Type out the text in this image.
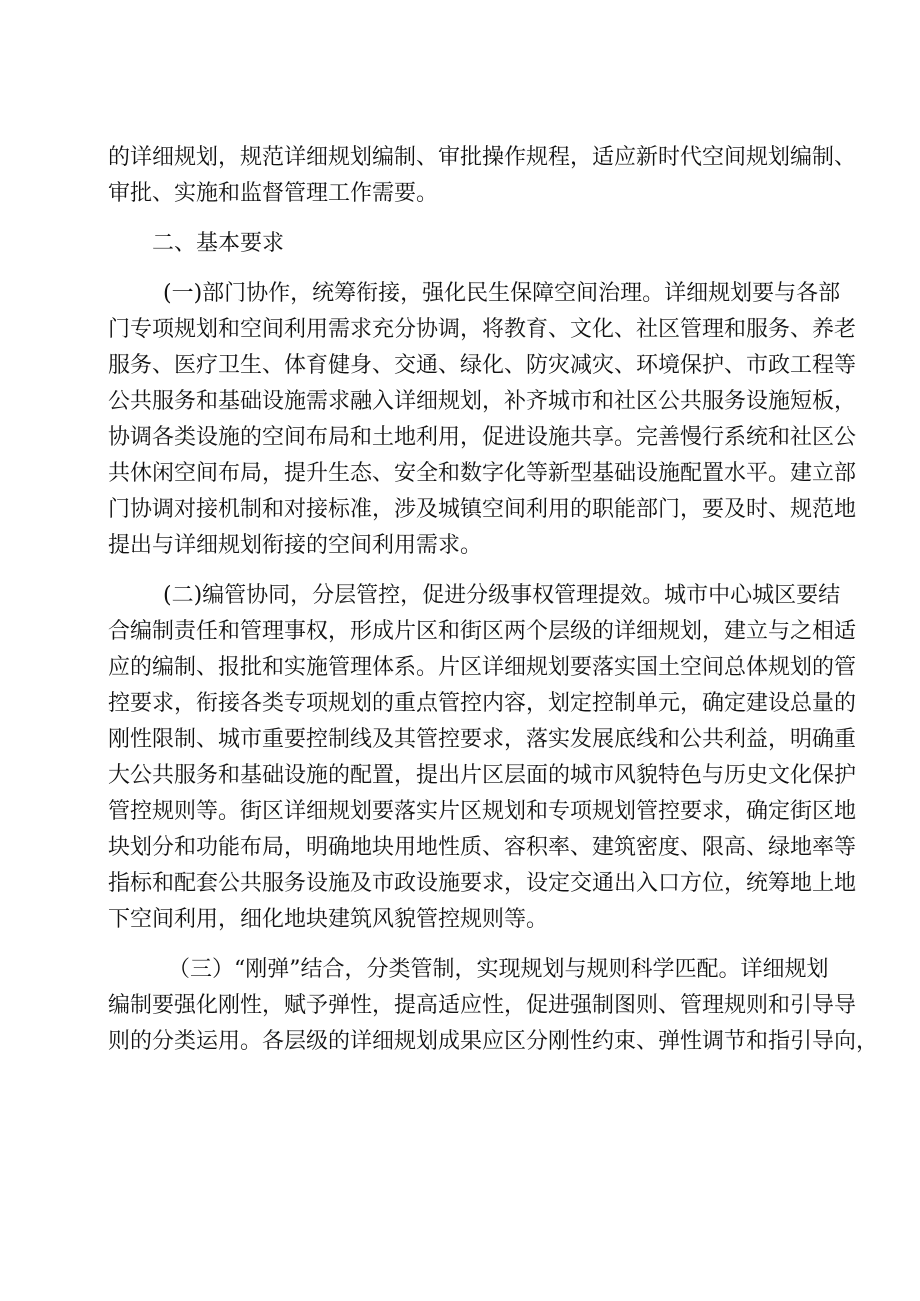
的详细规划，规范详细规划编制、审批操作规程，适应新时代空间规划编制、
审批、实施和监督管理工作需要。
二、基本要求
(一)部门协作，统筹衔接，强化民生保障空间治理。详细规划要与各部
门专项规划和空间利用需求充分协调，将教育、文化、社区管理和服务、养老
服务、医疗卫生、体育健身、交通、绿化、防灾减灾、环境保护、市政工程等
公共服务和基础设施需求融入详细规划，补齐城市和社区公共服务设施短板，
协调各类设施的空间布局和土地利用，促进设施共享。完善慢行系统和社区公
共休闲空间布局，提升生态、安全和数字化等新型基础设施配置水平。建立部
门协调对接机制和对接标准，涉及城镇空间利用的职能部门，要及时、规范地
提出与详细规划衔接的空间利用需求。
(二)编管协同，分层管控，促进分级事权管理提效。城市中心城区要结
合编制责任和管理事权，形成片区和街区两个层级的详细规划，建立与之相适
应的编制、报批和实施管理体系。片区详细规划要落实国土空间总体规划的管
控要求，衔接各类专项规划的重点管控内容，划定控制单元，确定建设总量的
刚性限制、城市重要控制线及其管控要求，落实发展底线和公共利益，明确重
大公共服务和基础设施的配置，提出片区层面的城市风貌特色与历史文化保护
管控规则等。街区详细规划要落实片区规划和专项规划管控要求，确定街区地
块划分和功能布局，明确地块用地性质、容积率、建筑密度、限高、绿地率等
指标和配套公共服务设施及市政设施要求，设定交通出入口方位，统筹地上地
下空间利用，细化地块建筑风貌管控规则等。
（三）“刚弹”结合，分类管制，实现规划与规则科学匹配。详细规划
编制要强化刚性，赋予弹性，提高适应性，促进强制图则、管理规则和引导导
则的分类运用。各层级的详细规划成果应区分刚性约束、弹性调节和指引导向，
